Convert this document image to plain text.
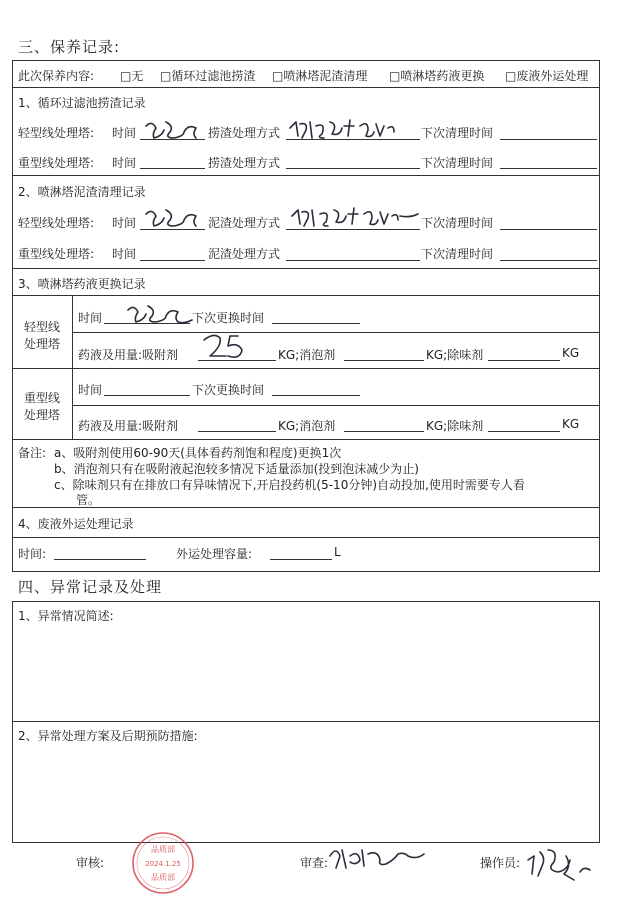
三、保养记录:
此次保养内容: □无 □循环过滤池捞渣 □喷淋塔泥渣清理 □喷淋塔药液更换 □废液外运处理
1、循环过滤池捞渣记录
轻型线处理塔: 时间	捞渣处理方式	下次清理时间
重型线处理塔: 时间	捞渣处理方式	下次清理时间
2、喷淋塔泥渣清理记录
轻型线处理塔: 时间	泥渣处理方式	下次清理时间
重型线处理塔: 时间	泥渣处理方式	下次清理时间
3、喷淋塔药液更换记录
轻型线
处理塔
时间	下次更换时间
药液及用量:吸附剂	KG;消泡剂	KG;除味剂	KG
重型线
处理塔
时间	下次更换时间
药液及用量:吸附剂	KG;消泡剂	KG;除味剂	KG
备注: a、吸附剂使用60-90天(具体看药剂饱和程度)更换1次
b、消泡剂只有在吸附液起泡较多情况下适量添加(投到泡沫减少为止)
c、除味剂只有在排放口有异味情况下,开启投药机(5-10分钟)自动投加,使用时需要专人看
管。
4、废液外运处理记录
时间:	外运处理容量:	L
四、异常记录及处理
1、异常情况简述:
2、异常处理方案及后期预防措施:
审核:	审查:	操作员:
品质部
2024.1.25
品质部
